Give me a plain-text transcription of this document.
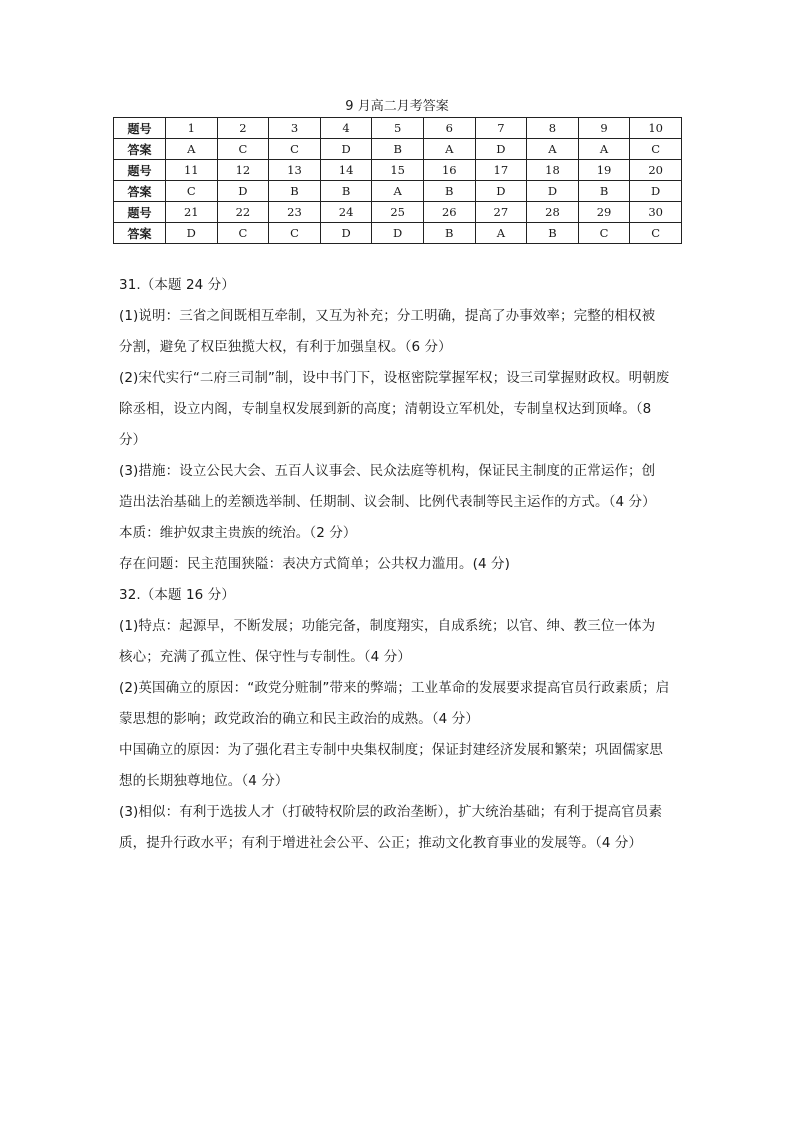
9 月高二月考答案
题号	1	2	3	4	5	6	7	8	9	10
答案	A	C	C	D	B	A	D	A	A	C
题号	11	12	13	14	15	16	17	18	19	20
答案	C	D	B	B	A	B	D	D	B	D
题号	21	22	23	24	25	26	27	28	29	30
答案	D	C	C	D	D	B	A	B	C	C

31.（本题 24 分）

(1)说明：三省之间既相互牵制，又互为补充；分工明确，提高了办事效率；完整的相权被

分割，避免了权臣独揽大权，有利于加强皇权。（6 分）

(2)宋代实行“二府三司制”制，设中书门下，设枢密院掌握军权；设三司掌握财政权。明朝废

除丞相，设立内阁，专制皇权发展到新的高度；清朝设立军机处，专制皇权达到顶峰。（8

分）

(3)措施：设立公民大会、五百人议事会、民众法庭等机构，保证民主制度的正常运作；创

造出法治基础上的差额选举制、任期制、议会制、比例代表制等民主运作的方式。（4 分）

本质：维护奴隶主贵族的统治。（2 分）

存在问题：民主范围狭隘：表决方式简单；公共权力滥用。(4 分)

32.（本题 16 分）

(1)特点：起源早，不断发展；功能完备，制度翔实，自成系统；以官、绅、教三位一体为

核心；充满了孤立性、保守性与专制性。（4 分）

(2)英国确立的原因：“政党分赃制”带来的弊端；工业革命的发展要求提高官员行政素质；启

蒙思想的影响；政党政治的确立和民主政治的成熟。（4 分）

中国确立的原因：为了强化君主专制中央集权制度；保证封建经济发展和繁荣；巩固儒家思

想的长期独尊地位。（4 分）

(3)相似：有利于选拔人才（打破特权阶层的政治垄断），扩大统治基础；有利于提高官员素

质，提升行政水平；有利于增进社会公平、公正；推动文化教育事业的发展等。（4 分）
